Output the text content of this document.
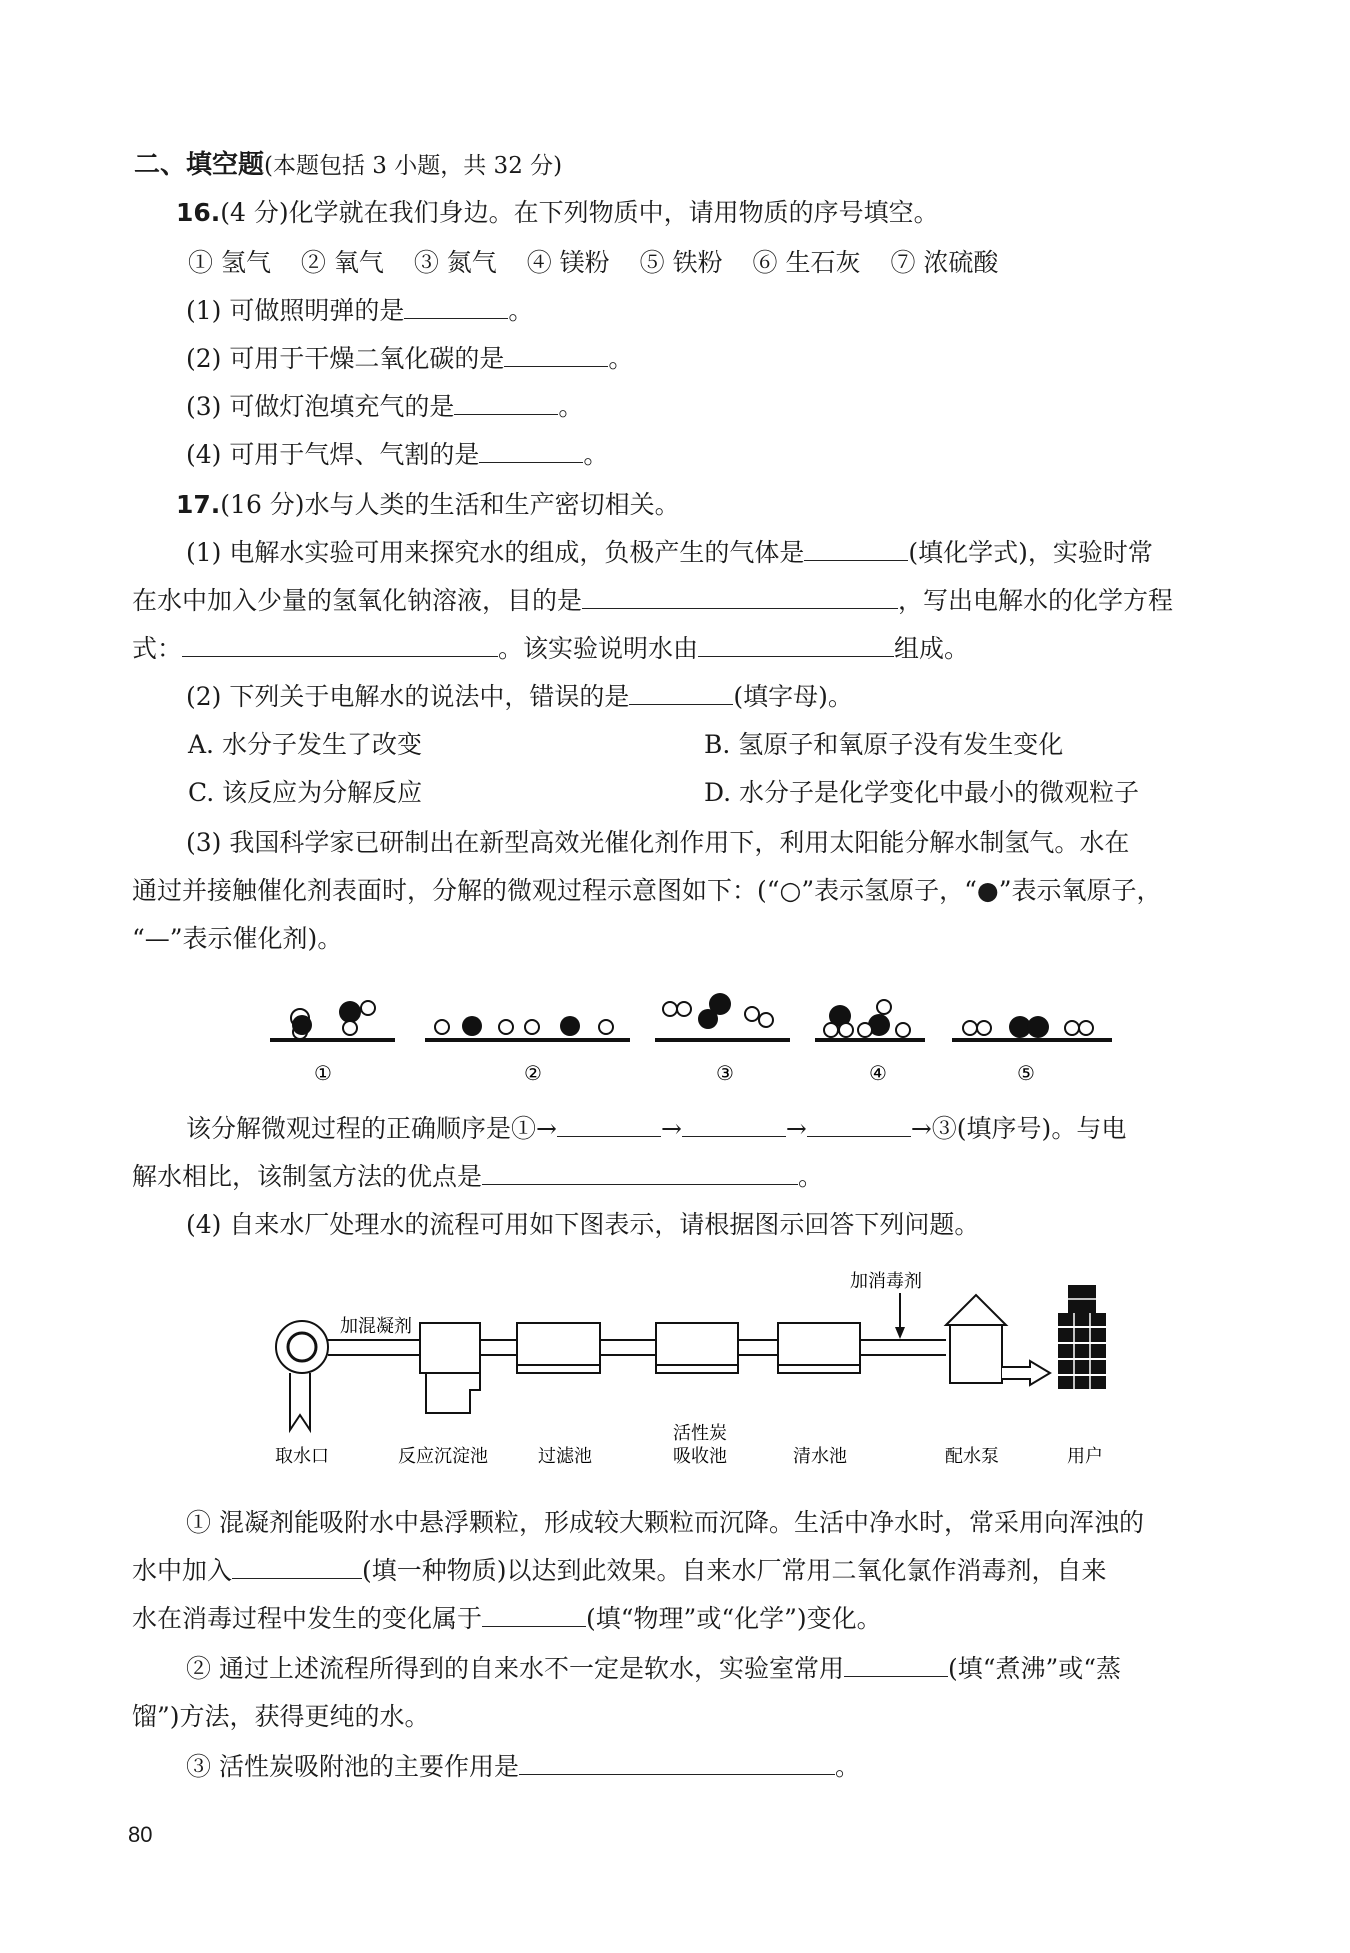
二、填空题(本题包括 3 小题，共 32 分)
16.(4 分)化学就在我们身边。在下列物质中，请用物质的序号填空。
① 氢气 ② 氧气 ③ 氮气 ④ 镁粉 ⑤ 铁粉 ⑥ 生石灰 ⑦ 浓硫酸
(1) 可做照明弹的是	。
(2) 可用于干燥二氧化碳的是	。
(3) 可做灯泡填充气的是	。
(4) 可用于气焊、气割的是	。
17.(16 分)水与人类的生活和生产密切相关。
(1) 电解水实验可用来探究水的组成，负极产生的气体是	(填化学式)，实验时常
在水中加入少量的氢氧化钠溶液，目的是	，写出电解水的化学方程
式：	。该实验说明水由	组成。
(2) 下列关于电解水的说法中，错误的是	(填字母)。
A. 水分子发生了改变	B. 氢原子和氧原子没有发生变化
C. 该反应为分解反应	D. 水分子是化学变化中最小的微观粒子
(3) 我国科学家已研制出在新型高效光催化剂作用下，利用太阳能分解水制氢气。水在
通过并接触催化剂表面时，分解的微观过程示意图如下：(“○”表示氢原子，“●”表示氧原子，
“—”表示催化剂)。
①	②	③	④	⑤
该分解微观过程的正确顺序是①→	→	→	→③(填序号)。与电
解水相比，该制氢方法的优点是	。
(4) 自来水厂处理水的流程可用如下图表示，请根据图示回答下列问题。
加混凝剂
加消毒剂
取水口	反应沉淀池	过滤池
活性炭
吸收池	清水池	配水泵	用户
① 混凝剂能吸附水中悬浮颗粒，形成较大颗粒而沉降。生活中净水时，常采用向浑浊的
水中加入	(填一种物质)以达到此效果。自来水厂常用二氧化氯作消毒剂，自来
水在消毒过程中发生的变化属于	(填“物理”或“化学”)变化。
② 通过上述流程所得到的自来水不一定是软水，实验室常用	(填“煮沸”或“蒸
馏”)方法，获得更纯的水。
③ 活性炭吸附池的主要作用是	。
80
